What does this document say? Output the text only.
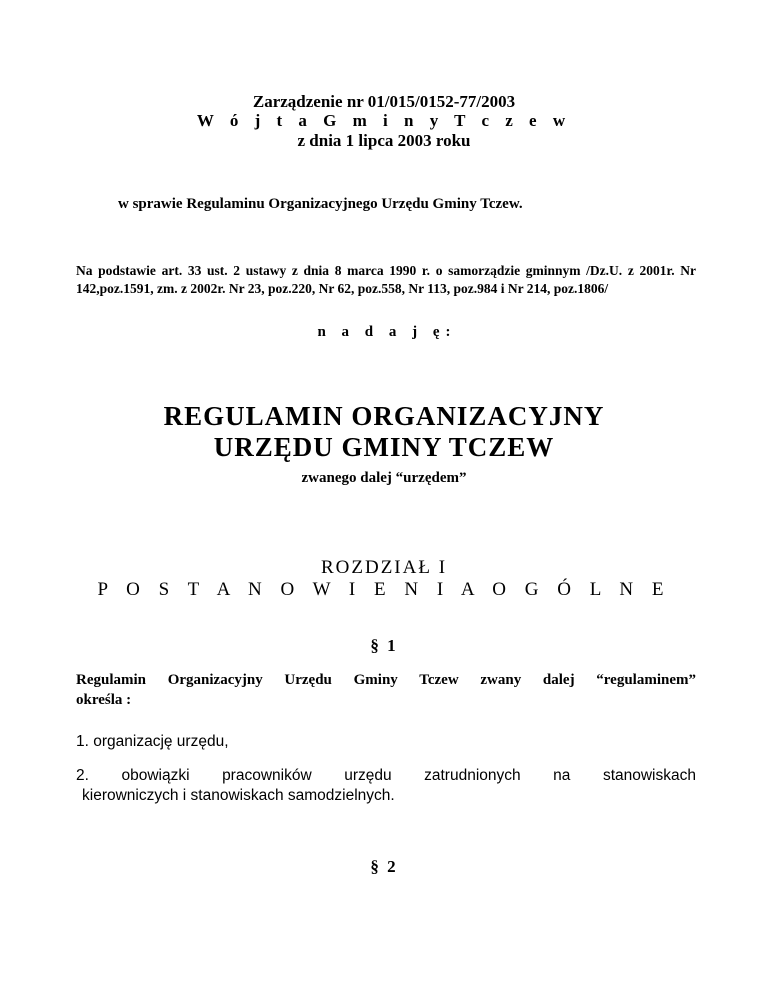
Zarządzenie nr 01/015/0152-77/2003
W ó j t a G m i n y T c z e w
z dnia 1 lipca 2003 roku
w sprawie Regulaminu Organizacyjnego Urzędu Gminy Tczew.
Na podstawie art. 33 ust. 2 ustawy z dnia 8 marca 1990 r. o samorządzie gminnym /Dz.U. z 2001r. Nr 142,poz.1591, zm. z 2002r. Nr 23, poz.220, Nr 62, poz.558, Nr 113, poz.984 i Nr 214, poz.1806/
n a d a j ę:
REGULAMIN ORGANIZACYJNY
URZĘDU GMINY TCZEW
zwanego dalej “urzędem”
ROZDZIAŁ I
P O S T A N O W I E N I A O G Ó L N E
§ 1
Regulamin Organizacyjny Urzędu Gminy Tczew zwany dalej “regulaminem”
określa :
1. organizację urzędu,
2. obowiązki pracowników urzędu zatrudnionych na stanowiskach
kierowniczych i stanowiskach samodzielnych.
§ 2
